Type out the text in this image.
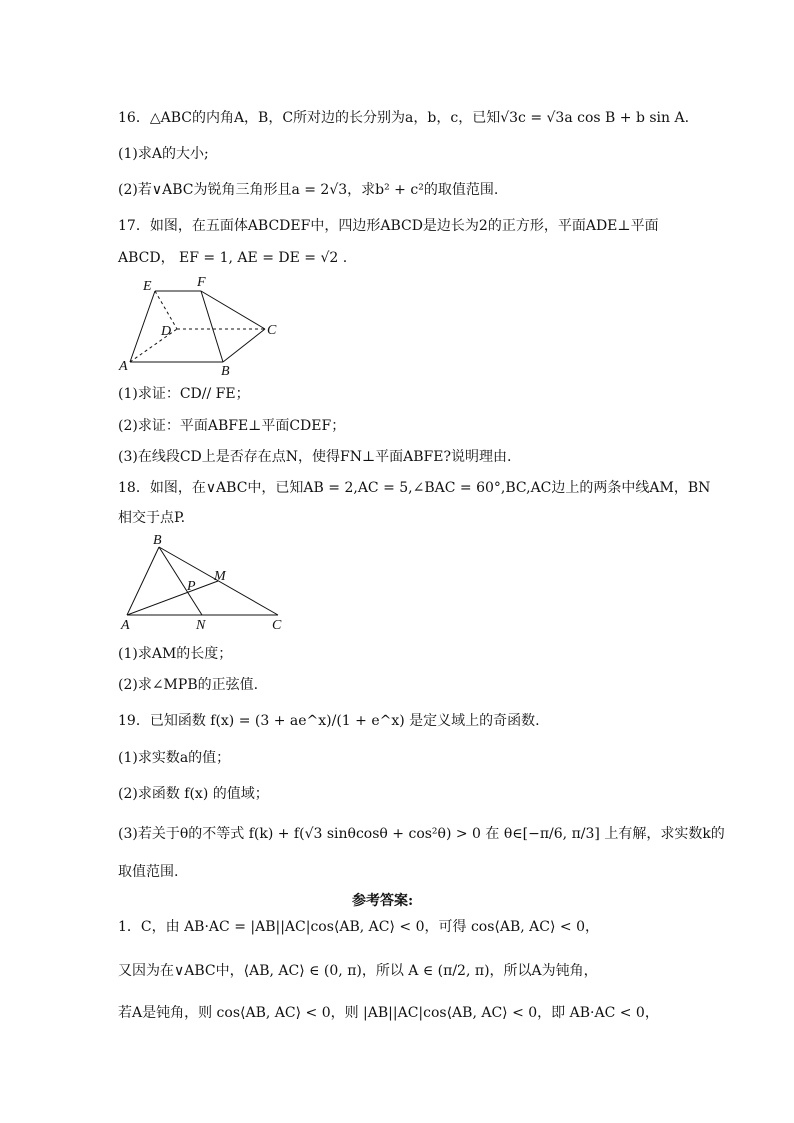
16．△ABC的内角A，B，C所对边的长分别为a，b，c，已知√3c = √3a cos B + b sin A.
(1)求A的大小;
(2)若∨ABC为锐角三角形且a = 2√3，求b² + c²的取值范围.
17．如图，在五面体ABCDEF中，四边形ABCD是边长为2的正方形，平面ADE⊥平面
ABCD， EF = 1, AE = DE = √2 .
E	F
D	C
A	B
(1)求证：CD// FE；
(2)求证：平面ABFE⊥平面CDEF；
(3)在线段CD上是否存在点N，使得FN⊥平面ABFE?说明理由.
18．如图，在∨ABC中，已知AB = 2,AC = 5,∠BAC = 60°,BC,AC边上的两条中线AM，BN
相交于点P.
B
M
P
A	N	C
(1)求AM的长度；
(2)求∠MPB的正弦值.
19．已知函数 f(x) = (3 + ae^x)/(1 + e^x) 是定义域上的奇函数.
(1)求实数a的值；
(2)求函数 f(x) 的值域；
(3)若关于θ的不等式 f(k) + f(√3 sinθcosθ + cos²θ) > 0 在 θ∈[−π/6, π/3] 上有解，求实数k的
取值范围.
参考答案:
1．C，由 AB·AC = |AB||AC|cos⟨AB, AC⟩ < 0，可得 cos⟨AB, AC⟩ < 0，
又因为在∨ABC中，⟨AB, AC⟩ ∈ (0, π)，所以 A ∈ (π/2, π)，所以A为钝角，
若A是钝角，则 cos⟨AB, AC⟩ < 0，则 |AB||AC|cos⟨AB, AC⟩ < 0，即 AB·AC < 0，
